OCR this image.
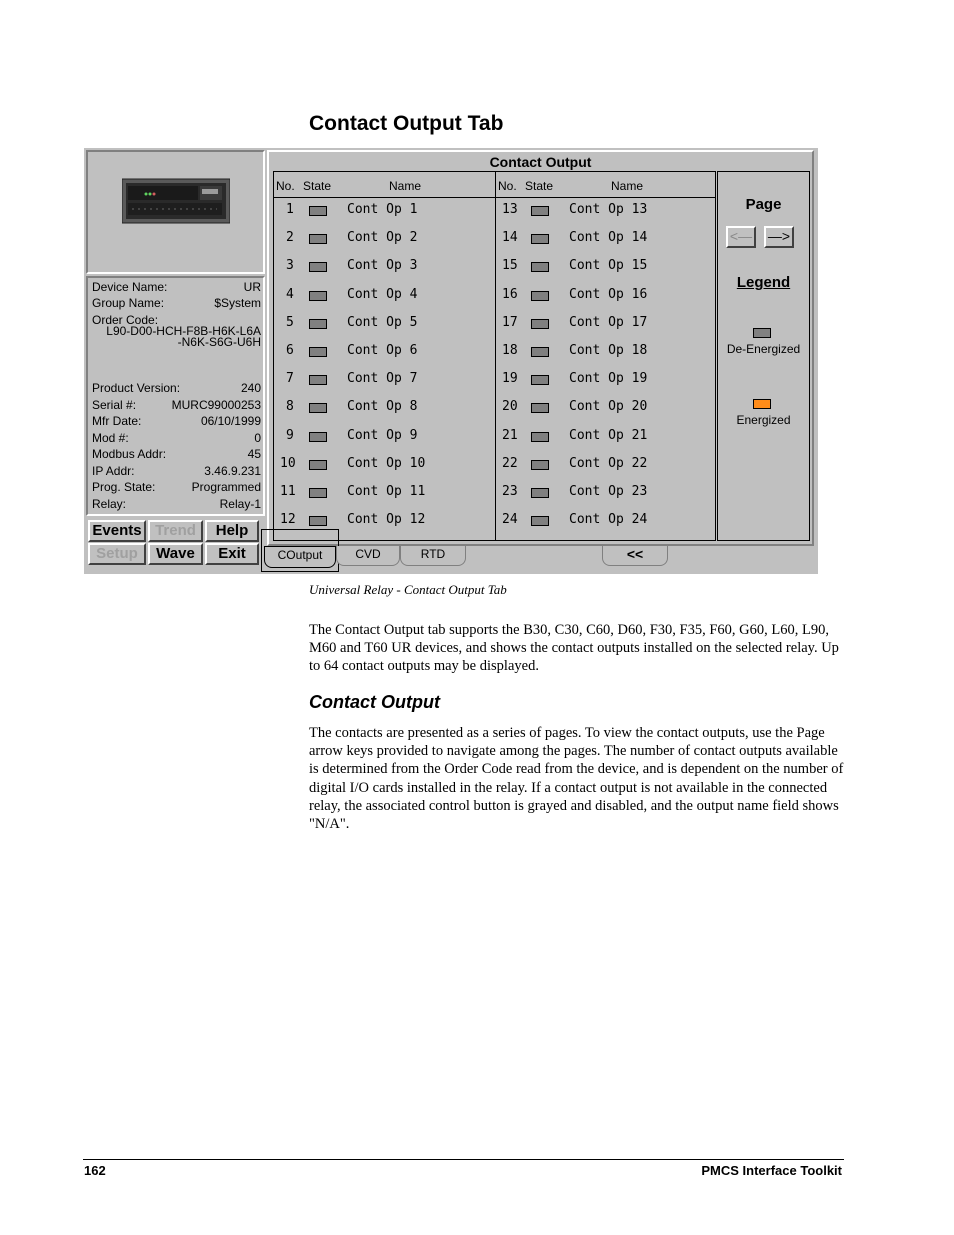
Contact Output Tab
Device Name:	UR
Group Name:	$System
Order Code:
L90-D00-HCH-F8B-H6K-L6A
-N6K-S6G-U6H
Product Version:	240
Serial #:	MURC99000253
Mfr Date:	06/10/1999
Mod #:	0
Modbus Addr:	45
IP Addr:	3.46.9.231
Prog. State:	Programmed
Relay:	Relay-1
Events Trend	Help
Setup	Wave	Exit
Contact Output
No. State	Name
1	Cont Op 1
2	Cont Op 2
3	Cont Op 3
4	Cont Op 4
5	Cont Op 5
6	Cont Op 6
7	Cont Op 7
8	Cont Op 8
9	Cont Op 9
10	Cont Op 10
11	Cont Op 11
12	Cont Op 12
No. State	Name
13	Cont Op 13
14	Cont Op 14
15	Cont Op 15
16	Cont Op 16
17	Cont Op 17
18	Cont Op 18
19	Cont Op 19
20	Cont Op 20
21	Cont Op 21
22	Cont Op 22
23	Cont Op 23
24	Cont Op 24
Page
<— —>
Legend
De-Energized
Energized
COutput	CVD	RTD	<<
Universal Relay - Contact Output Tab

The Contact Output tab supports the B30, C30, C60, D60, F30, F35, F60, G60, L60, L90, M60 and T60 UR devices, and shows the contact outputs installed on the selected relay. Up to 64 contact outputs may be displayed.

Contact Output

The contacts are presented as a series of pages. To view the contact outputs, use the Page arrow keys provided to navigate among the pages. The number of contact outputs available is determined from the Order Code read from the device, and is dependent on the number of digital I/O cards installed in the relay. If a contact output is not available in the connected relay, the associated control button is grayed and disabled, and the output name field shows "N/A".

162	PMCS Interface Toolkit
